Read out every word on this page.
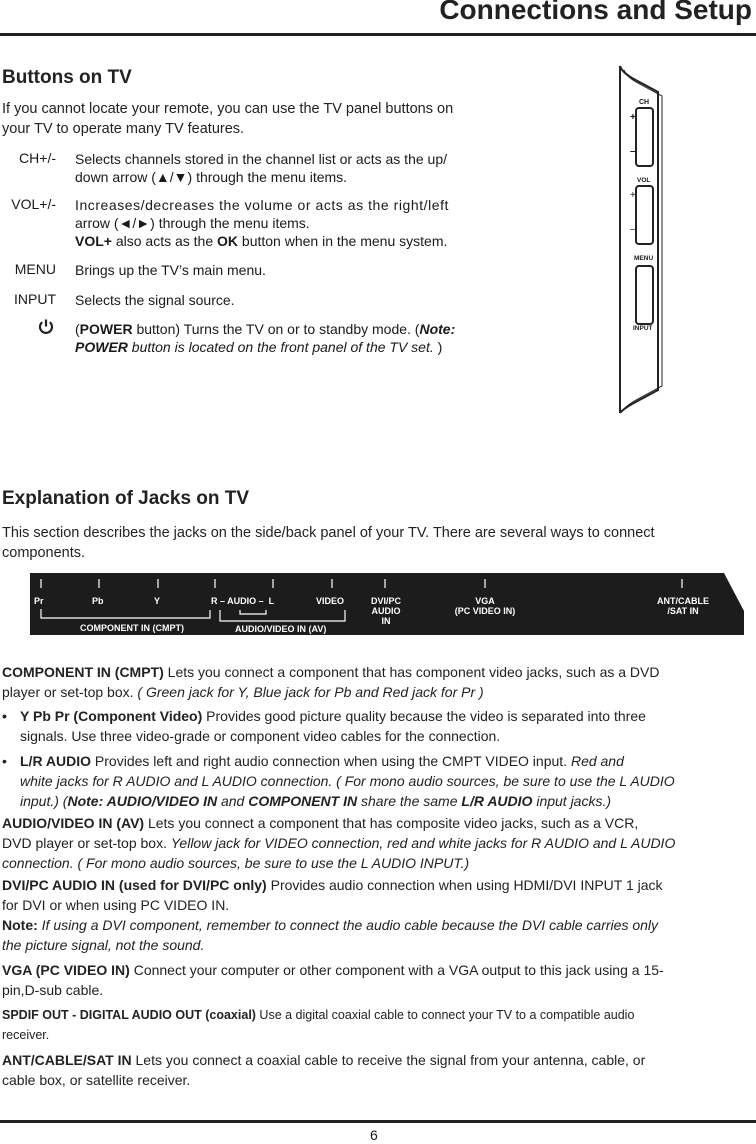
Connections and Setup
Buttons on TV
If you cannot locate your remote, you can use the TV panel buttons on
your TV to operate many TV features.
CH+/- Selects channels stored in the channel list or acts as the up/
down arrow (▲/▼) through the menu items.
VOL+/- Increases/decreases the volume or acts as the right/left
arrow (◄/►) through the menu items.
VOL+ also acts as the OK button when in the menu system.
MENU Brings up the TV’s main menu.
INPUT Selects the signal source.
(POWER button) Turns the TV on or to standby mode. (Note:
POWER button is located on the front panel of the TV set. )
CH
+
–
VOL
+
–
MENU
INPUT
Explanation of Jacks on TV
This section describes the jacks on the side/back panel of your TV. There are several ways to connect
components.
Pr	Pb	Y	R – AUDIO –  L	VIDEO	DVI/PC
AUDIO
IN
VGA
(PC VIDEO IN)
ANT/CABLE
/SAT IN
COMPONENT IN (CMPT)	AUDIO/VIDEO IN (AV)
COMPONENT IN (CMPT) Lets you connect a component that has component video jacks, such as a DVD
player or set-top box. ( Green jack for Y, Blue jack for Pb and Red jack for Pr )
• Y Pb Pr (Component Video) Provides good picture quality because the video is separated into three
signals. Use three video-grade or component video cables for the connection.
• L/R AUDIO Provides left and right audio connection when using the CMPT VIDEO input. Red and
white jacks for R AUDIO and L AUDIO connection. ( For mono audio sources, be sure to use the L AUDIO
input.) (Note: AUDIO/VIDEO IN and COMPONENT IN share the same L/R AUDIO input jacks.)
AUDIO/VIDEO IN (AV) Lets you connect a component that has composite video jacks, such as a VCR,
DVD player or set-top box. Yellow jack for VIDEO connection, red and white jacks for R AUDIO and L AUDIO
connection. ( For mono audio sources, be sure to use the L AUDIO INPUT.)
DVI/PC AUDIO IN (used for DVI/PC only) Provides audio connection when using HDMI/DVI INPUT 1 jack
for DVI or when using PC VIDEO IN.
Note: If using a DVI component, remember to connect the audio cable because the DVI cable carries only
the picture signal, not the sound.
VGA (PC VIDEO IN) Connect your computer or other component with a VGA output to this jack using a 15-
pin,D-sub cable.
SPDIF OUT - DIGITAL AUDIO OUT (coaxial) Use a digital coaxial cable to connect your TV to a compatible audio
receiver.
ANT/CABLE/SAT IN Lets you connect a coaxial cable to receive the signal from your antenna, cable, or
cable box, or satellite receiver.
6
